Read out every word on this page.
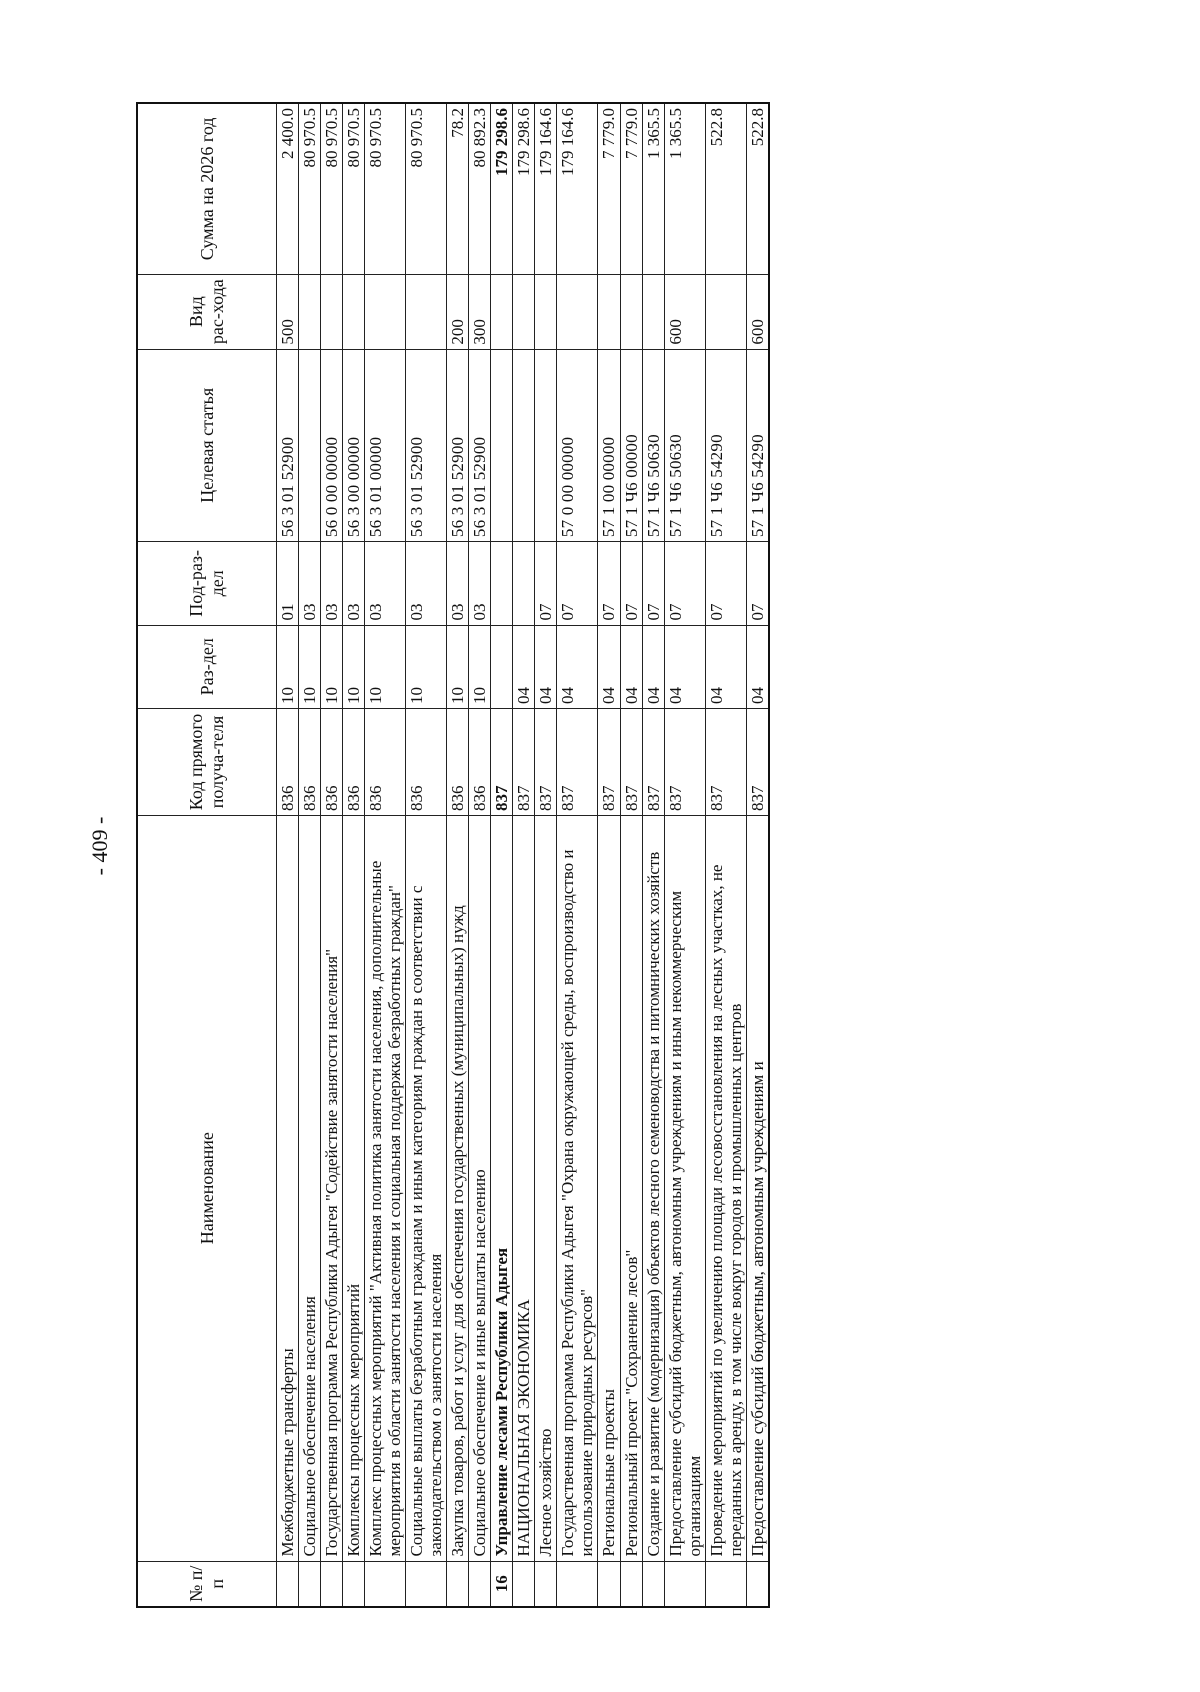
- 409 -
№ п/п	Наименование	Код прямого получа-теля	Раз-дел	Под-раз-дел	Целевая статья	Вид рас-хода	Сумма на 2026 год
	Межбюджетные трансферты	836	10	01	56 3 01 52900	500	2 400.0
	Социальное обеспечение населения	836	10	03			80 970.5
	Государственная программа Республики Адыгея "Содействие занятости населения"	836	10	03	56 0 00 00000		80 970.5
	Комплексы процессных мероприятий	836	10	03	56 3 00 00000		80 970.5
	Комплекс процессных мероприятий "Активная политика занятости населения, дополнительные мероприятия в области занятости населения и социальная поддержка безработных граждан"	836	10	03	56 3 01 00000		80 970.5
	Социальные выплаты безработным гражданам и иным категориям граждан в соответствии с законодательством о занятости населения	836	10	03	56 3 01 52900		80 970.5
	Закупка товаров, работ и услуг для обеспечения государственных (муниципальных) нужд	836	10	03	56 3 01 52900	200	78.2
	Социальное обеспечение и иные выплаты населению	836	10	03	56 3 01 52900	300	80 892.3
16	Управление лесами Республики Адыгея	837					179 298.6
	НАЦИОНАЛЬНАЯ ЭКОНОМИКА	837	04				179 298.6
	Лесное хозяйство	837	04	07			179 164.6
	Государственная программа Республики Адыгея "Охрана окружающей среды, воспроизводство и использование природных ресурсов"	837	04	07	57 0 00 00000		179 164.6
	Региональные проекты	837	04	07	57 1 00 00000		7 779.0
	Региональный проект "Сохранение лесов"	837	04	07	57 1 Ч6 00000		7 779.0
	Создание и развитие (модернизация) объектов лесного семеноводства и питомнических хозяйств	837	04	07	57 1 Ч6 50630		1 365.5
	Предоставление субсидий бюджетным, автономным учреждениям и иным некоммерческим организациям	837	04	07	57 1 Ч6 50630	600	1 365.5
	Проведение мероприятий по увеличению площади лесовосстановления на лесных участках, не переданных в аренду, в том числе вокруг городов и промышленных центров	837	04	07	57 1 Ч6 54290		522.8
	Предоставление субсидий бюджетным, автономным учреждениям и	837	04	07	57 1 Ч6 54290	600	522.8
